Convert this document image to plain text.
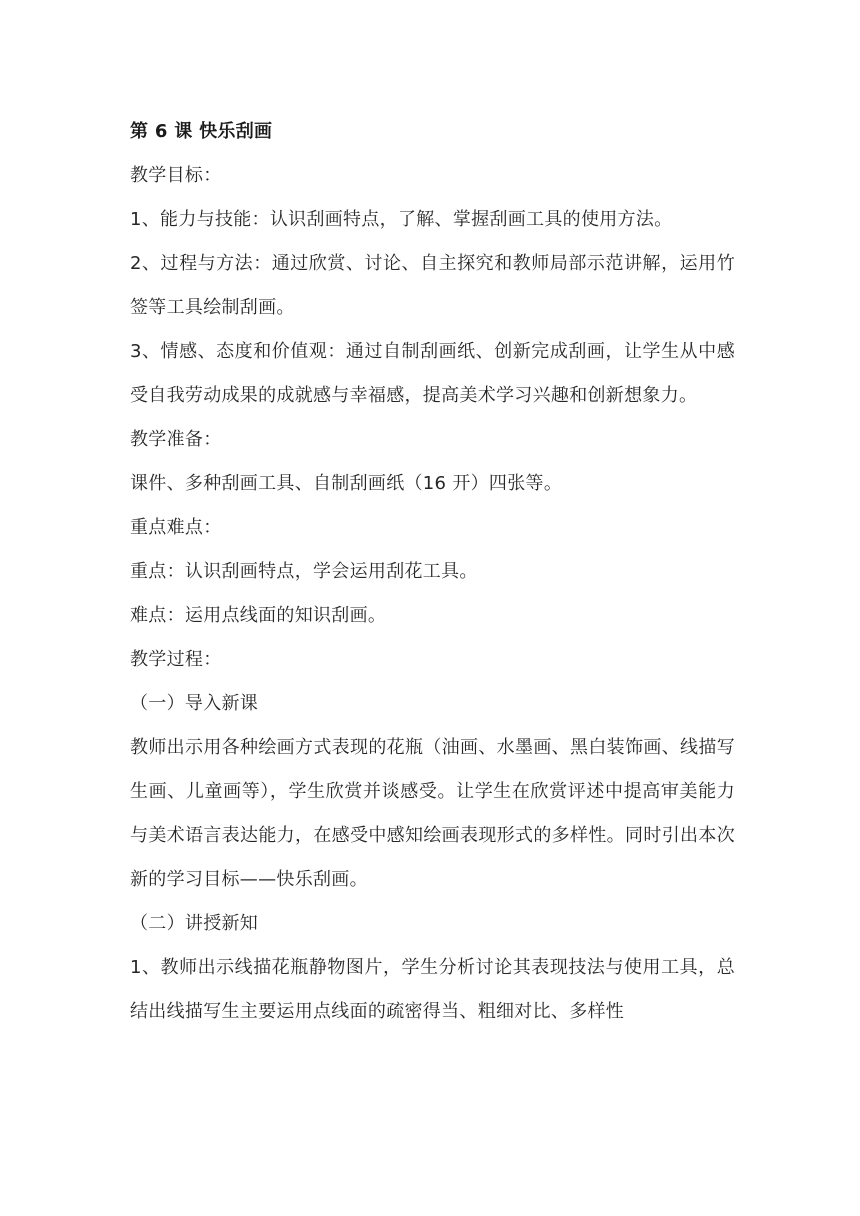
第 6 课 快乐刮画

教学目标：

1、能力与技能：认识刮画特点，了解、掌握刮画工具的使用方法。

2、过程与方法：通过欣赏、讨论、自主探究和教师局部示范讲解，运用竹签等工具绘制刮画。

3、情感、态度和价值观：通过自制刮画纸、创新完成刮画，让学生从中感受自我劳动成果的成就感与幸福感，提高美术学习兴趣和创新想象力。

教学准备：

课件、多种刮画工具、自制刮画纸（16 开）四张等。

重点难点：

重点：认识刮画特点，学会运用刮花工具。

难点：运用点线面的知识刮画。

教学过程：

（一）导入新课

教师出示用各种绘画方式表现的花瓶（油画、水墨画、黑白装饰画、线描写生画、儿童画等），学生欣赏并谈感受。让学生在欣赏评述中提高审美能力与美术语言表达能力，在感受中感知绘画表现形式的多样性。同时引出本次新的学习目标——快乐刮画。

（二）讲授新知

1、教师出示线描花瓶静物图片，学生分析讨论其表现技法与使用工具，总结出线描写生主要运用点线面的疏密得当、粗细对比、多样性
